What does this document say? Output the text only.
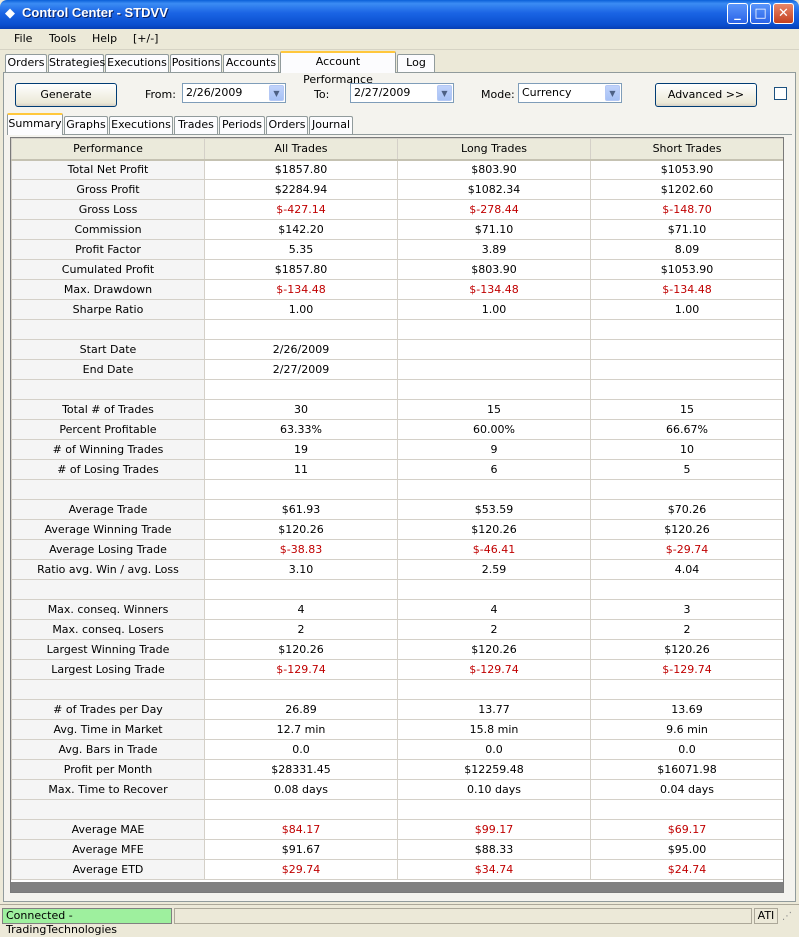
◆ Control Center - STDVV	_	□ ✕
File Tools Help [+/-]
Orders Strategies Executions Positions Accounts	Account Performance
Log
Generate	From: 2/26/2009	▼	To:	2/27/2009	▼	Mode: Currency	▼	Advanced >>
Summary Graphs Executions Trades Periods Orders Journal
Performance	All Trades	Long Trades	Short Trades
Total Net Profit	$1857.80	$803.90	$1053.90
Gross Profit	$2284.94	$1082.34	$1202.60
Gross Loss	$-427.14	$-278.44	$-148.70
Commission	$142.20	$71.10	$71.10
Profit Factor	5.35	3.89	8.09
Cumulated Profit	$1857.80	$803.90	$1053.90
Max. Drawdown	$-134.48	$-134.48	$-134.48
Sharpe Ratio	1.00	1.00	1.00

Start Date	2/26/2009		
End Date	2/27/2009		

Total # of Trades	30	15	15
Percent Profitable	63.33%	60.00%	66.67%
# of Winning Trades	19	9	10
# of Losing Trades	11	6	5

Average Trade	$61.93	$53.59	$70.26
Average Winning Trade	$120.26	$120.26	$120.26
Average Losing Trade	$-38.83	$-46.41	$-29.74
Ratio avg. Win / avg. Loss	3.10	2.59	4.04

Max. conseq. Winners	4	4	3
Max. conseq. Losers	2	2	2
Largest Winning Trade	$120.26	$120.26	$120.26
Largest Losing Trade	$-129.74	$-129.74	$-129.74

# of Trades per Day	26.89	13.77	13.69
Avg. Time in Market	12.7 min	15.8 min	9.6 min
Avg. Bars in Trade	0.0	0.0	0.0
Profit per Month	$28331.45	$12259.48	$16071.98
Max. Time to Recover	0.08 days	0.10 days	0.04 days

Average MAE	$84.17	$99.17	$69.17
Average MFE	$91.67	$88.33	$95.00
Average ETD	$29.74	$34.74	$24.74
Connected - TradingTechnologies
ATI ⋰
